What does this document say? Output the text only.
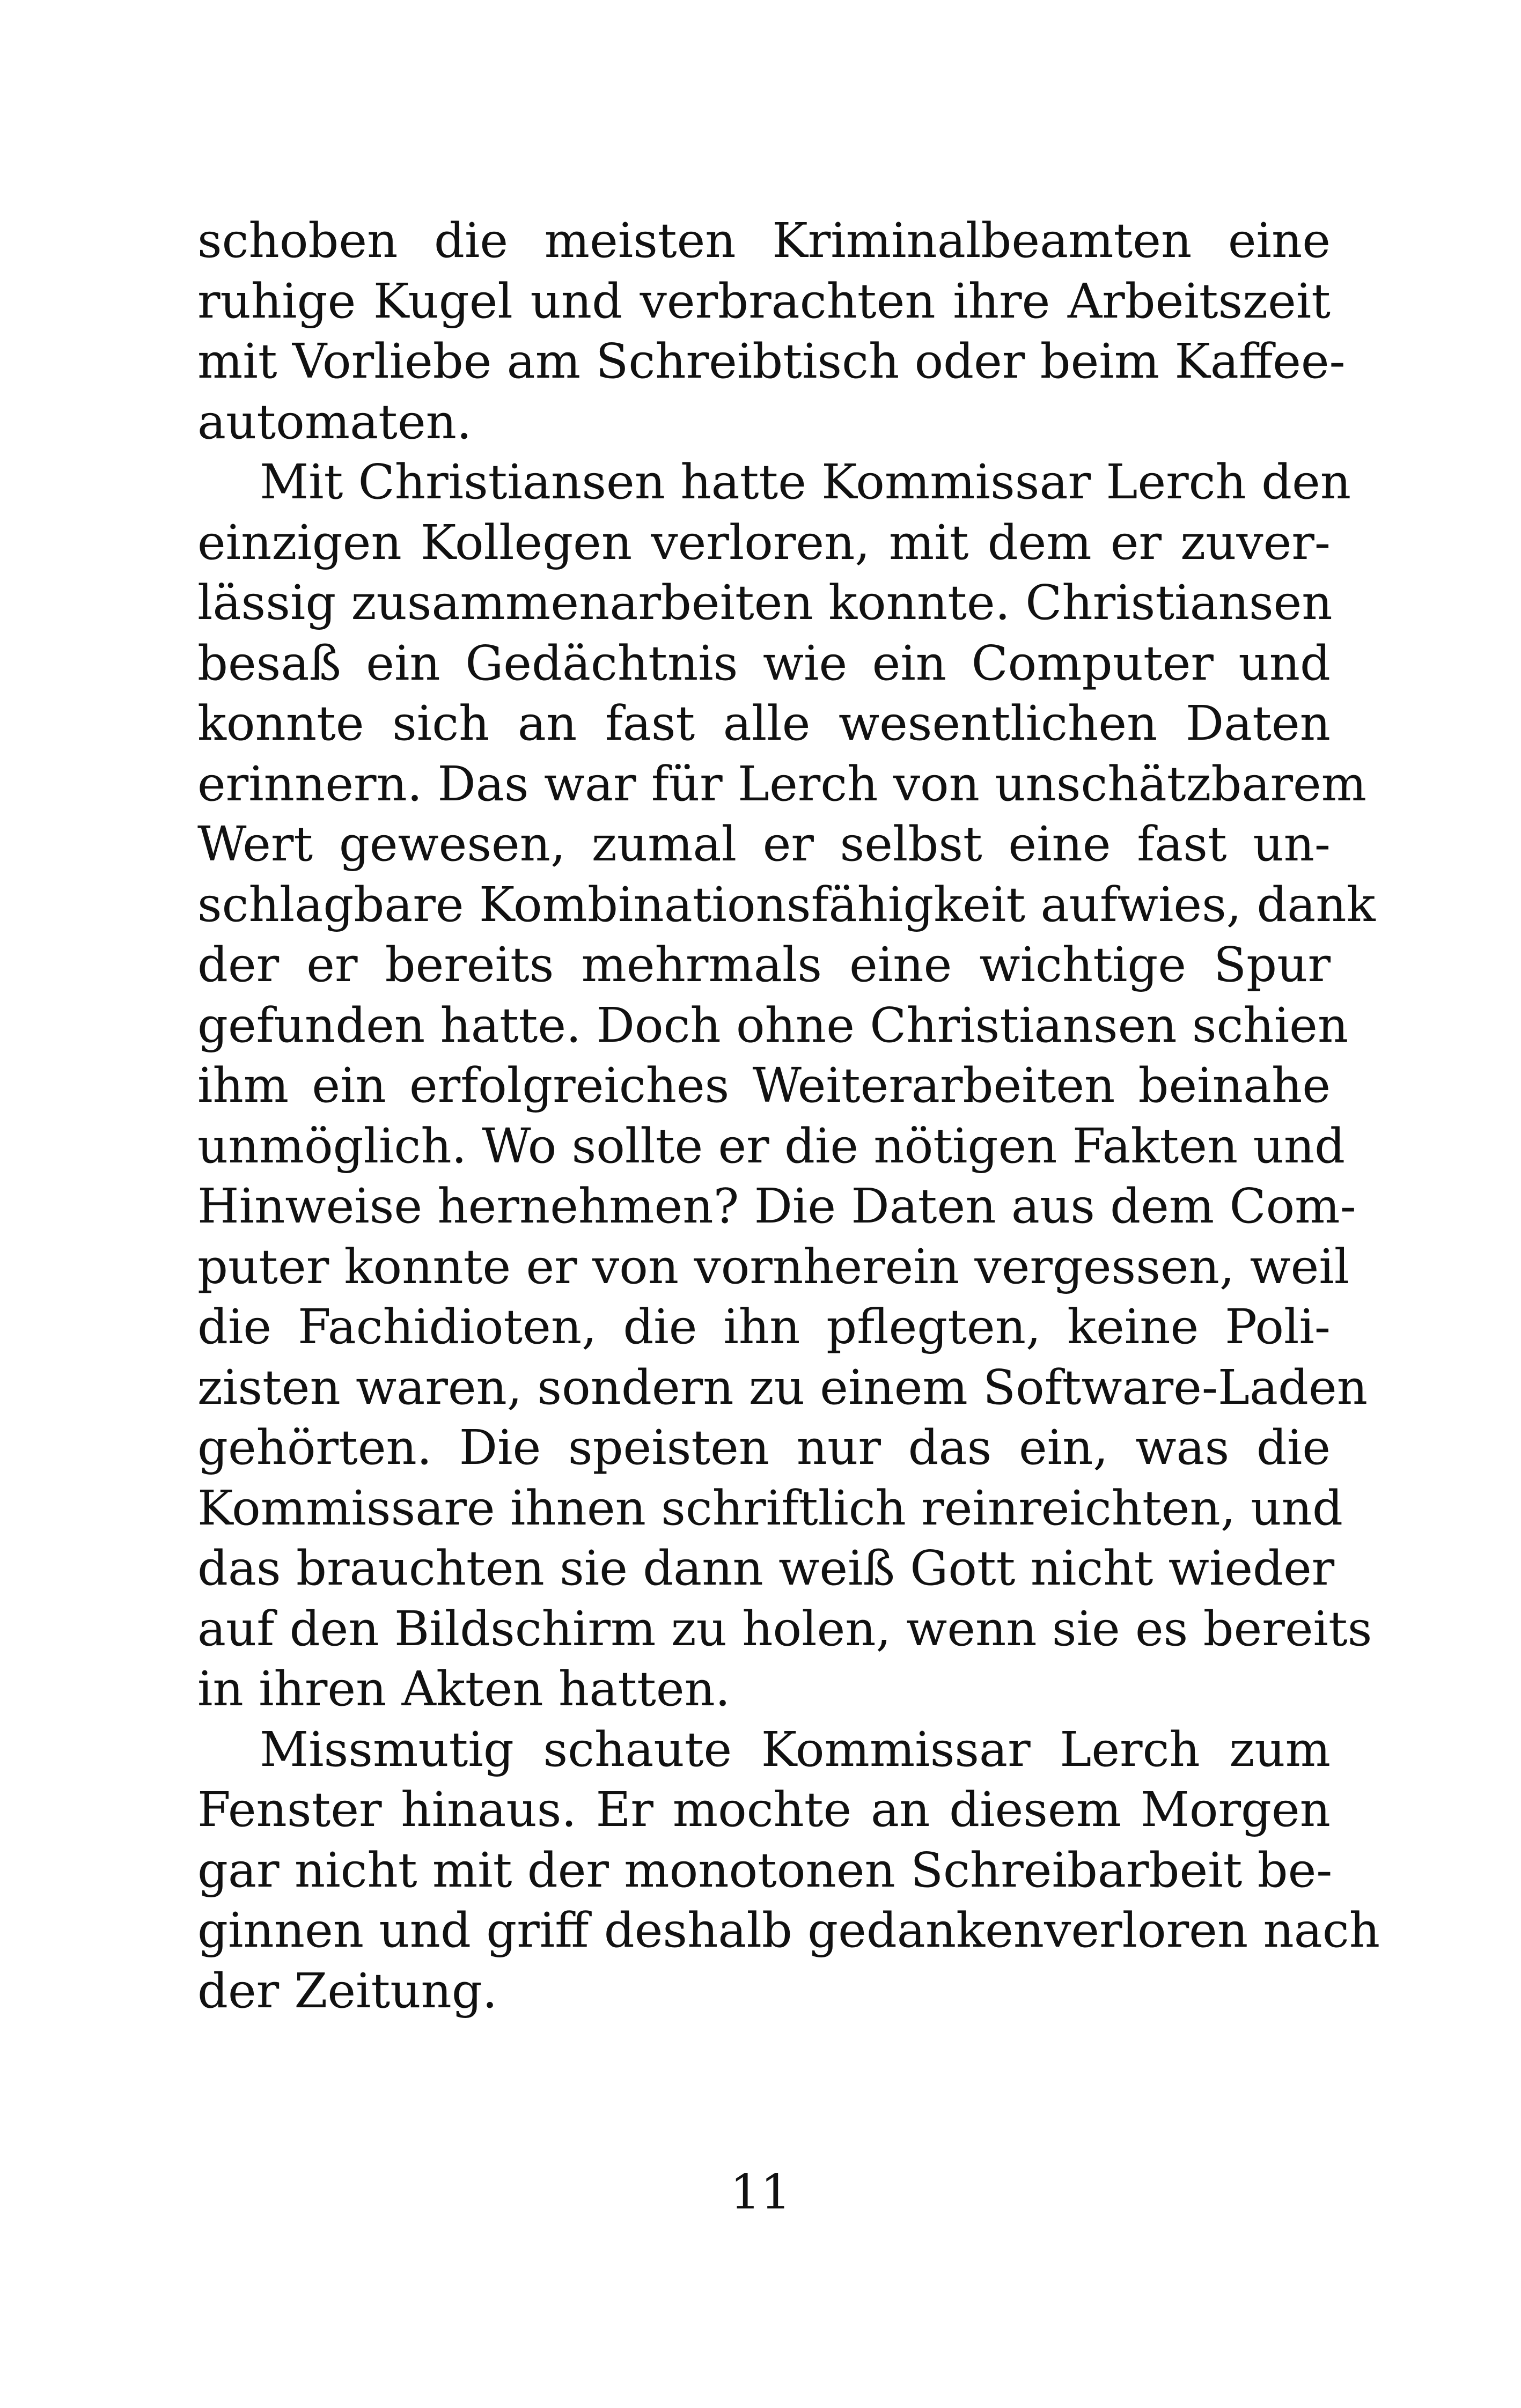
schoben die meisten Kriminalbeamten eine
ruhige Kugel und verbrachten ihre Arbeitszeit
mit Vorliebe am Schreibtisch oder beim Kaffee-
automaten.
Mit Christiansen hatte Kommissar Lerch den
einzigen Kollegen verloren, mit dem er zuver-
lässig zusammenarbeiten konnte. Christiansen
besaß ein Gedächtnis wie ein Computer und
konnte sich an fast alle wesentlichen Daten
erinnern. Das war für Lerch von unschätzbarem
Wert gewesen, zumal er selbst eine fast un-
schlagbare Kombinationsfähigkeit aufwies, dank
der er bereits mehrmals eine wichtige Spur
gefunden hatte. Doch ohne Christiansen schien
ihm ein erfolgreiches Weiterarbeiten beinahe
unmöglich. Wo sollte er die nötigen Fakten und
Hinweise hernehmen? Die Daten aus dem Com-
puter konnte er von vornherein vergessen, weil
die Fachidioten, die ihn pflegten, keine Poli-
zisten waren, sondern zu einem Software-Laden
gehörten. Die speisten nur das ein, was die
Kommissare ihnen schriftlich reinreichten, und
das brauchten sie dann weiß Gott nicht wieder
auf den Bildschirm zu holen, wenn sie es bereits
in ihren Akten hatten.
Missmutig schaute Kommissar Lerch zum
Fenster hinaus. Er mochte an diesem Morgen
gar nicht mit der monotonen Schreibarbeit be-
ginnen und griff deshalb gedankenverloren nach
der Zeitung.
11
